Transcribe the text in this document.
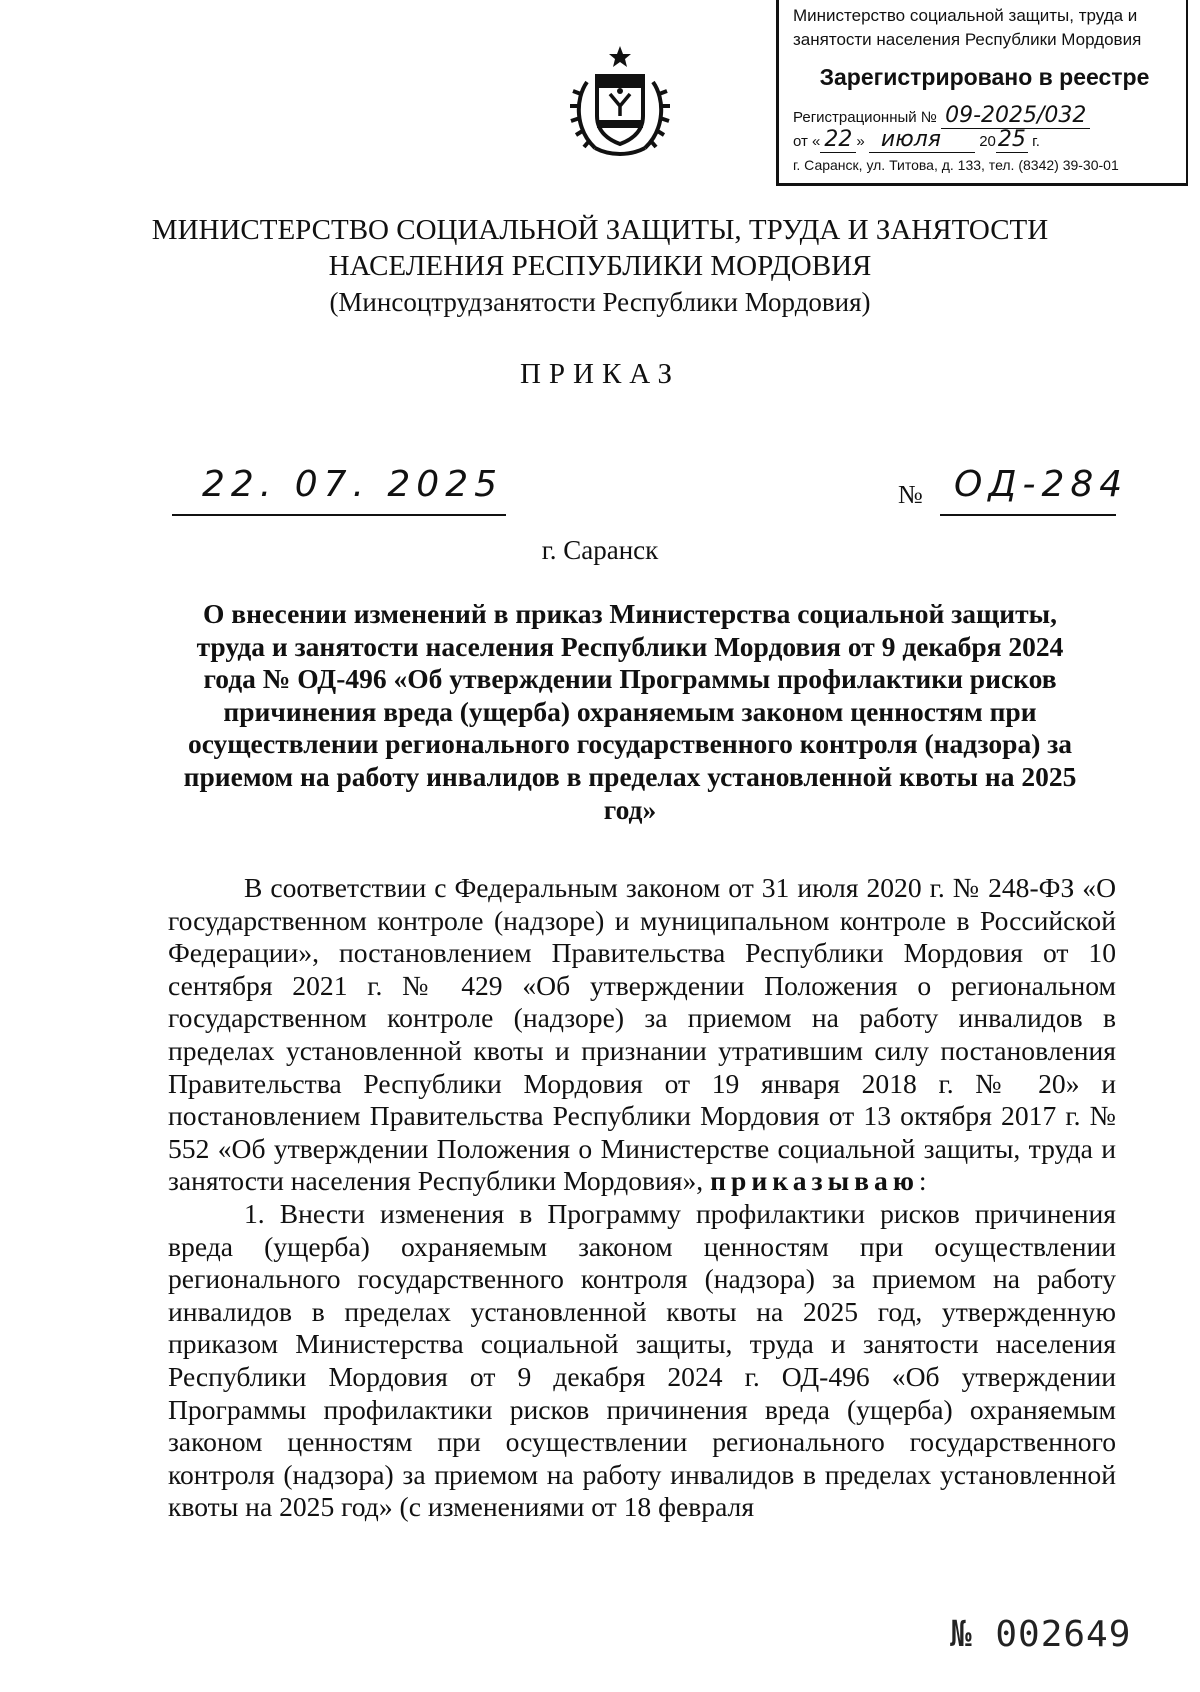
Министерство социальной защиты, труда и
занятости населения Республики Мордовия
Зарегистрировано в реестре
Регистрационный № 09-2025/032
от « 22 » июля	2025 г.
г. Саранск, ул. Титова, д. 133, тел. (8342) 39-30-01
МИНИСТЕРСТВО СОЦИАЛЬНОЙ ЗАЩИТЫ, ТРУДА И ЗАНЯТОСТИ
НАСЕЛЕНИЯ РЕСПУБЛИКИ МОРДОВИЯ
(Минсоцтрудзанятости Республики Мордовия)
ПРИКАЗ
22. 07. 2025	№ ОД-284
г. Саранск
О внесении изменений в приказ Министерства социальной защиты, труда и занятости населения Республики Мордовия от 9 декабря 2024 года № ОД-496 «Об утверждении Программы профилактики рисков причинения вреда (ущерба) охраняемым законом ценностям при осуществлении регионального государственного контроля (надзора) за приемом на работу инвалидов в пределах установленной квоты на 2025 год»

В соответствии с Федеральным законом от 31 июля 2020 г. № 248-ФЗ «О государственном контроле (надзоре) и муниципальном контроле в Российской Федерации», постановлением Правительства Республики Мордовия от 10 сентября 2021 г. № 429 «Об утверждении Положения о региональном государственном контроле (надзоре) за приемом на работу инвалидов в пределах установленной квоты и признании утратившим силу постановления Правительства Республики Мордовия от 19 января 2018 г. № 20» и постановлением Правительства Республики Мордовия от 13 октября 2017 г. № 552 «Об утверждении Положения о Министерстве социальной защиты, труда и занятости населения Республики Мордовия», приказываю:

1. Внести изменения в Программу профилактики рисков причинения вреда (ущерба) охраняемым законом ценностям при осуществлении регионального государственного контроля (надзора) за приемом на работу инвалидов в пределах установленной квоты на 2025 год, утвержденную приказом Министерства социальной защиты, труда и занятости населения Республики Мордовия от 9 декабря 2024 г. ОД-496 «Об утверждении Программы профилактики рисков причинения вреда (ущерба) охраняемым законом ценностям при осуществлении регионального государственного контроля (надзора) за приемом на работу инвалидов в пределах установленной квоты на 2025 год» (с изменениями от 18 февраля

№ 002649
